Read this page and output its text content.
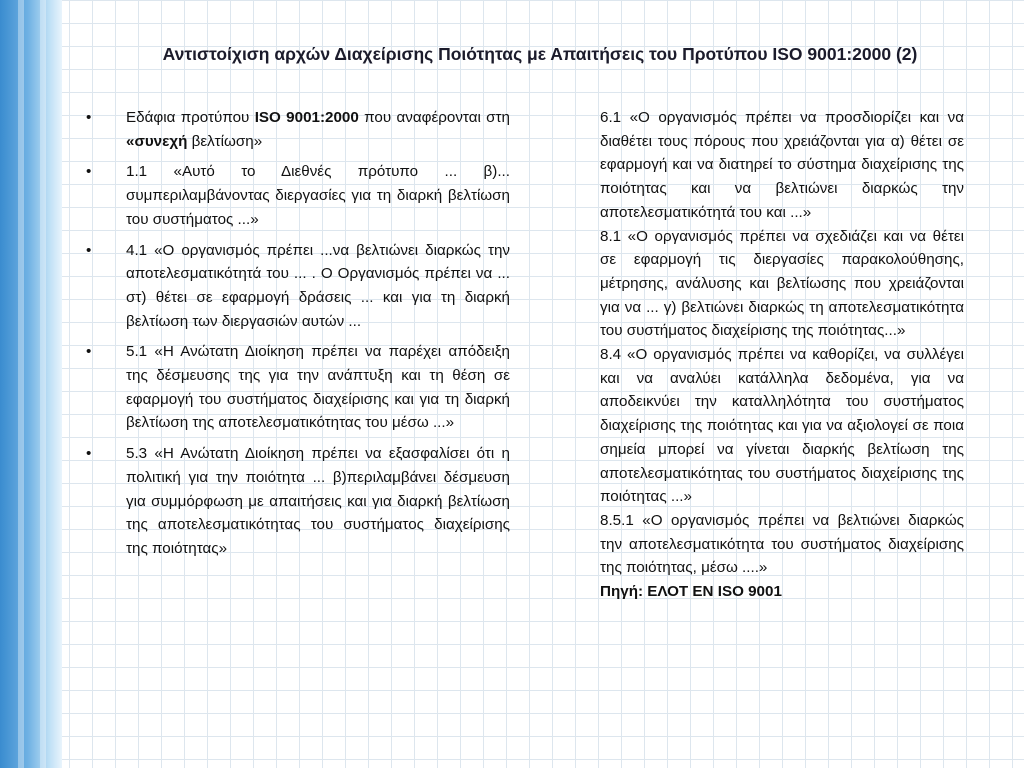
Αντιστοίχιση αρχών Διαχείρισης Ποιότητας με Απαιτήσεις του Προτύπου ISO 9001:2000 (2)
•	Εδάφια προτύπου ISO 9001:2000 που αναφέρονται στη «συνεχή βελτίωση»
•	1.1 «Αυτό το Διεθνές πρότυπο ... β)... συμπεριλαμβάνοντας διεργασίες για τη διαρκή βελτίωση του συστήματος ...»
•	4.1 «Ο οργανισμός πρέπει ...να βελτιώνει διαρκώς την αποτελεσματικότητά του ... . Ο Οργανισμός πρέπει να ... στ) θέτει σε εφαρμογή δράσεις ... και για τη διαρκή βελτίωση των διεργασιών αυτών ...
•	5.1 «Η Ανώτατη Διοίκηση πρέπει να παρέχει απόδειξη της δέσμευσης της για την ανάπτυξη και τη θέση σε εφαρμογή του συστήματος διαχείρισης και για τη διαρκή βελτίωση της αποτελεσματικότητας του μέσω ...»
•	5.3 «Η Ανώτατη Διοίκηση πρέπει να εξασφαλίσει ότι η πολιτική για την ποιότητα ... β)περιλαμβάνει δέσμευση για συμμόρφωση με απαιτήσεις και για διαρκή βελτίωση της αποτελεσματικότητας του συστήματος διαχείρισης της ποιότητας»

6.1 «Ο οργανισμός πρέπει να προσδιορίζει και να διαθέτει τους πόρους που χρειάζονται για α) θέτει σε εφαρμογή και να διατηρεί το σύστημα διαχείρισης της ποιότητας και να βελτιώνει διαρκώς την αποτελεσματικότητά του και ...»

8.1 «Ο οργανισμός πρέπει να σχεδιάζει και να θέτει σε εφαρμογή τις διεργασίες παρακολούθησης, μέτρησης, ανάλυσης και βελτίωσης που χρειάζονται για να ... γ) βελτιώνει διαρκώς τη αποτελεσματικότητα του συστήματος διαχείρισης της ποιότητας...»

8.4 «Ο οργανισμός πρέπει να καθορίζει, να συλλέγει και να αναλύει κατάλληλα δεδομένα, για να αποδεικνύει την καταλληλότητα του συστήματος διαχείρισης της ποιότητας και για να αξιολογεί σε ποια σημεία μπορεί να γίνεται διαρκής βελτίωση της αποτελεσματικότητας του συστήματος διαχείρισης της ποιότητας ...»

8.5.1 «Ο οργανισμός πρέπει να βελτιώνει διαρκώς την αποτελεσματικότητα του συστήματος διαχείρισης της ποιότητας, μέσω ....»

Πηγή: ΕΛΟΤ ΕΝ ISO 9001
